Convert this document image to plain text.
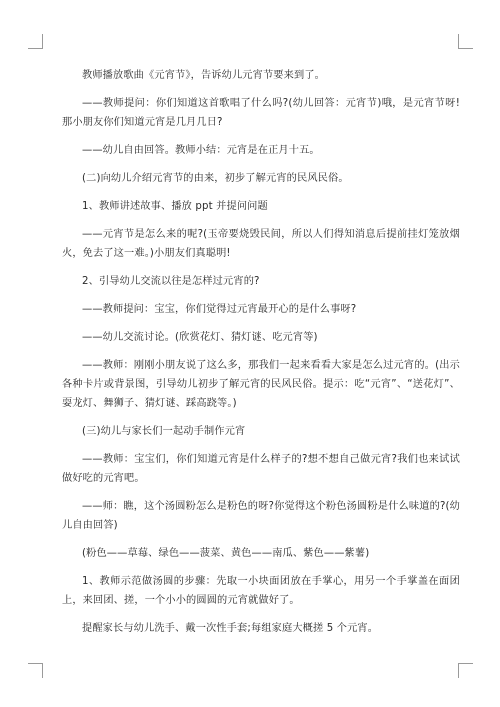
教师播放歌曲《元宵节》，告诉幼儿元宵节要来到了。

——教师提问：你们知道这首歌唱了什么吗?(幼儿回答：元宵节)哦，是元宵节呀!那小朋友你们知道元宵是几月几日?

——幼儿自由回答。教师小结：元宵是在正月十五。

(二)向幼儿介绍元宵节的由来，初步了解元宵的民风民俗。

1、教师讲述故事、播放 ppt 并提问问题

——元宵节是怎么来的呢?(玉帝要烧毁民间，所以人们得知消息后提前挂灯笼放烟火，免去了这一难。)小朋友们真聪明!

2、引导幼儿交流以往是怎样过元宵的?

——教师提问：宝宝，你们觉得过元宵最开心的是什么事呀?

——幼儿交流讨论。(欣赏花灯、猜灯谜、吃元宵等)

——教师：刚刚小朋友说了这么多，那我们一起来看看大家是怎么过元宵的。(出示各种卡片或背景图，引导幼儿初步了解元宵的民风民俗。提示：吃“元宵”、“送花灯”、耍龙灯、舞狮子、猜灯谜、踩高跷等。)

(三)幼儿与家长们一起动手制作元宵

——教师：宝宝们，你们知道元宵是什么样子的?想不想自己做元宵?我们也来试试做好吃的元宵吧。

——师：瞧，这个汤圆粉怎么是粉色的呀?你觉得这个粉色汤圆粉是什么味道的?(幼儿自由回答)

(粉色——草莓、绿色——菠菜、黄色——南瓜、紫色——紫薯)

1、教师示范做汤圆的步骤：先取一小块面团放在手掌心，用另一个手掌盖在面团上，来回团、搓，一个小小的圆圆的元宵就做好了。

提醒家长与幼儿洗手、戴一次性手套;每组家庭大概搓 5 个元宵。
